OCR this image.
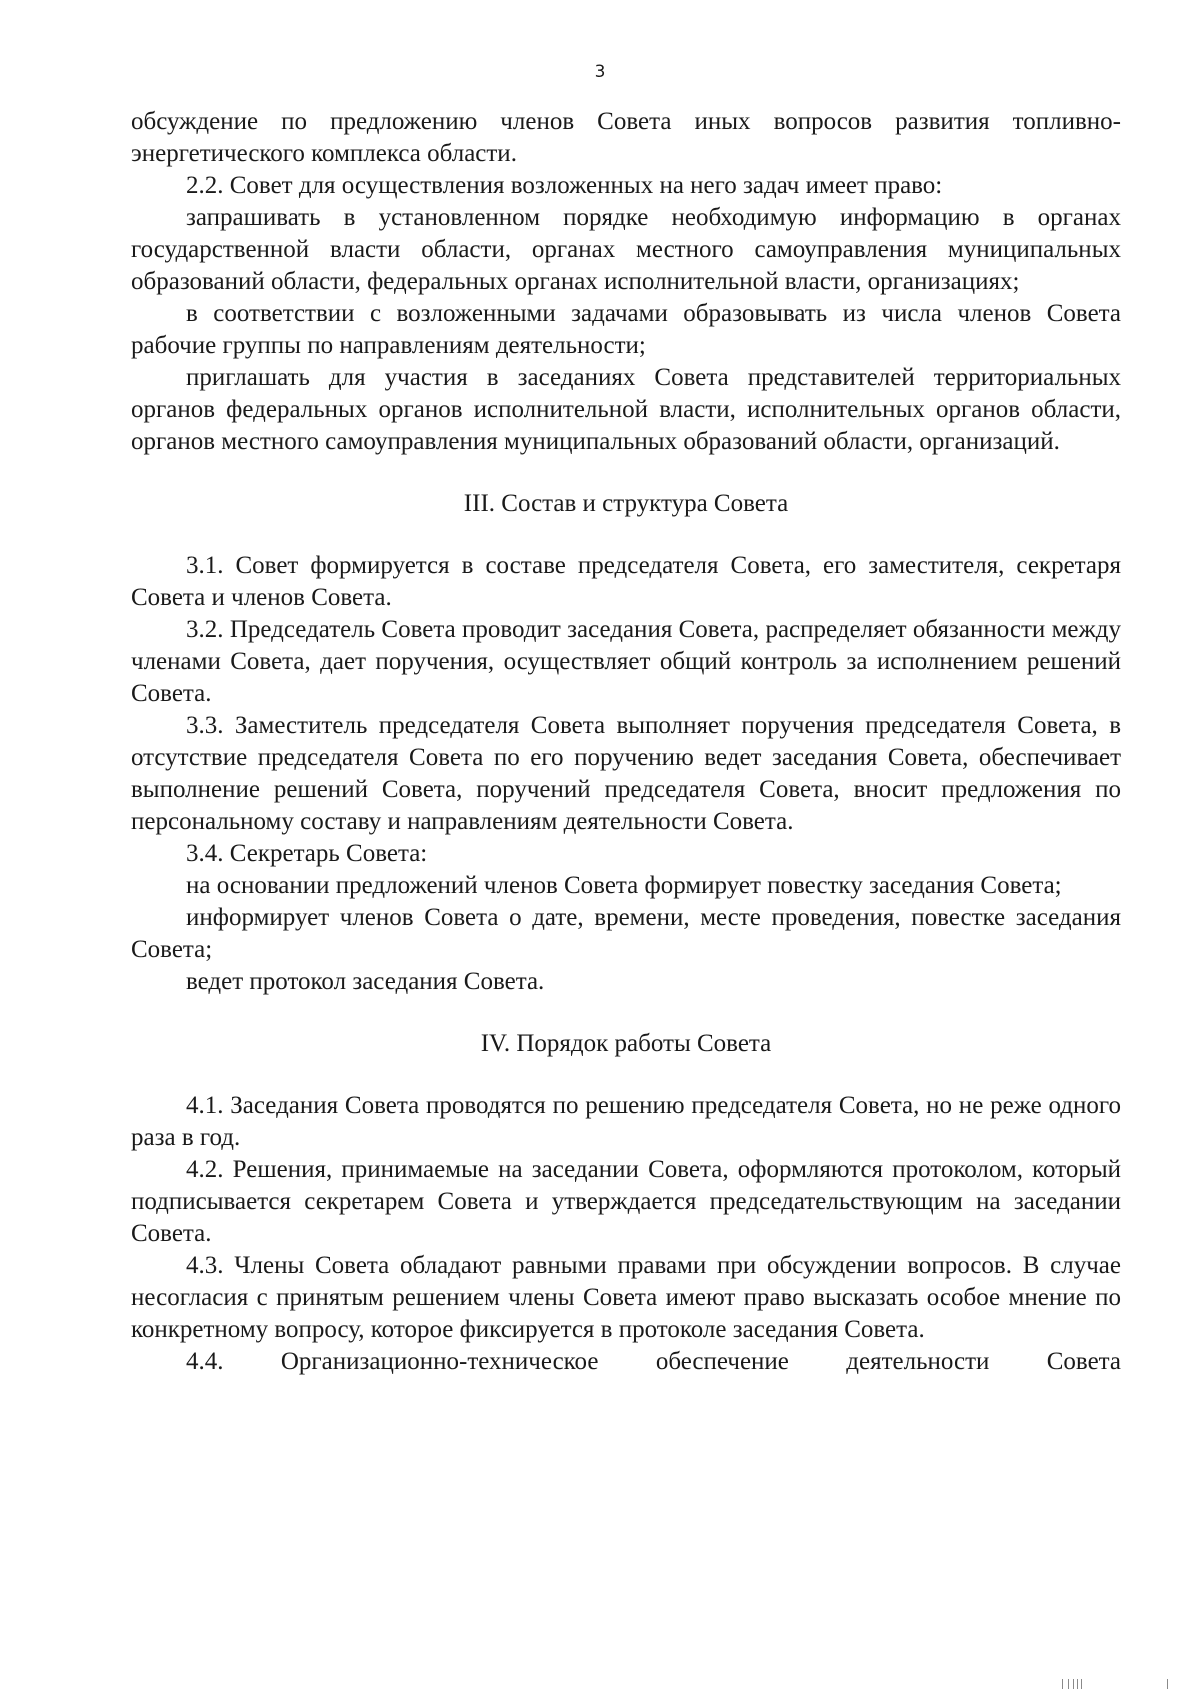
3

обсуждение по предложению членов Совета иных вопросов развития топливно-энергетического комплекса области.

2.2. Совет для осуществления возложенных на него задач имеет право:

запрашивать в установленном порядке необходимую информацию в органах государственной власти области, органах местного самоуправления муниципальных образований области, федеральных органах исполнительной власти, организациях;

в соответствии с возложенными задачами образовывать из числа членов Совета рабочие группы по направлениям деятельности;

приглашать для участия в заседаниях Совета представителей территориальных органов федеральных органов исполнительной власти, исполнительных органов области, органов местного самоуправления муниципальных образований области, организаций.

III. Состав и структура Совета

3.1. Совет формируется в составе председателя Совета, его заместителя, секретаря Совета и членов Совета.

3.2. Председатель Совета проводит заседания Совета, распределяет обязанности между членами Совета, дает поручения, осуществляет общий контроль за исполнением решений Совета.

3.3. Заместитель председателя Совета выполняет поручения председателя Совета, в отсутствие председателя Совета по его поручению ведет заседания Совета, обеспечивает выполнение решений Совета, поручений председателя Совета, вносит предложения по персональному составу и направлениям деятельности Совета.

3.4. Секретарь Совета:

на основании предложений членов Совета формирует повестку заседания Совета;

информирует членов Совета о дате, времени, месте проведения, повестке заседания Совета;

ведет протокол заседания Совета.

IV. Порядок работы Совета

4.1. Заседания Совета проводятся по решению председателя Совета, но не реже одного раза в год.

4.2. Решения, принимаемые на заседании Совета, оформляются протоколом, который подписывается секретарем Совета и утверждается председательствующим на заседании Совета.

4.3. Члены Совета обладают равными правами при обсуждении вопросов. В случае несогласия с принятым решением члены Совета имеют право высказать особое мнение по конкретному вопросу, которое фиксируется в протоколе заседания Совета.

4.4. Организационно-техническое обеспечение деятельности Совета
